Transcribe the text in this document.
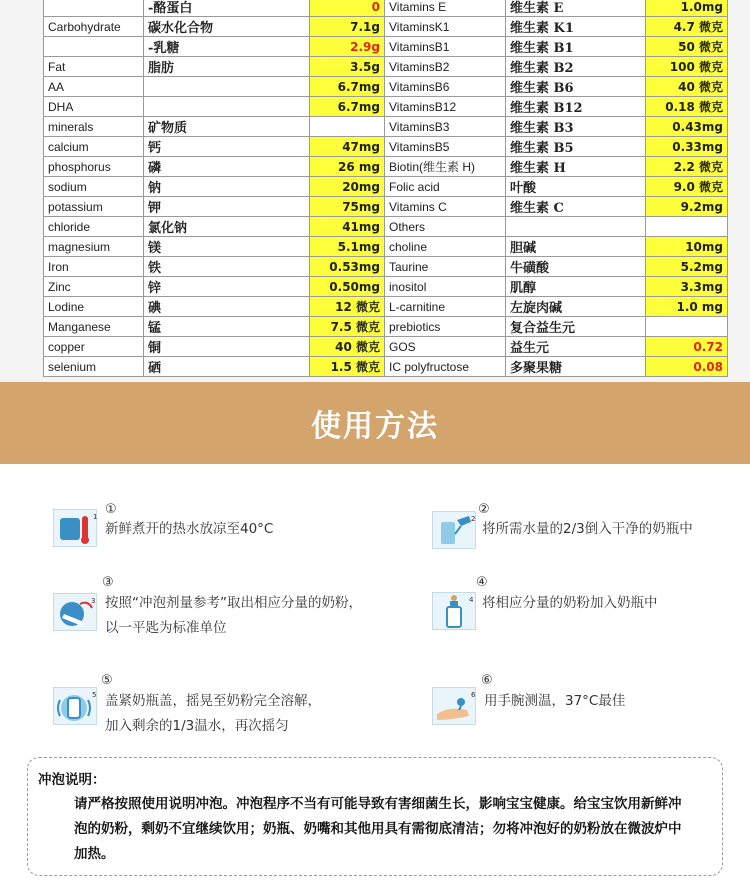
	-酪蛋白	0	Vitamins E	维生素 E	1.0mg
Carbohydrate	碳水化合物	7.1g	VitaminsK1	维生素 K1	4.7 微克
	-乳糖	2.9g	VitaminsB1	维生素 B1	50 微克
Fat	脂肪	3.5g	VitaminsB2	维生素 B2	100 微克
AA		6.7mg	VitaminsB6	维生素 B6	40 微克
DHA		6.7mg	VitaminsB12	维生素 B12	0.18 微克
minerals	矿物质		VitaminsB3	维生素 B3	0.43mg
calcium	钙	47mg	VitaminsB5	维生素 B5	0.33mg
phosphorus	磷	26 mg	Biotin(维生素 H)	维生素 H	2.2 微克
sodium	钠	20mg	Folic acid	叶酸	9.0 微克
potassium	钾	75mg	Vitamins C	维生素 C	9.2mg
chloride	氯化钠	41mg	Others		
magnesium	镁	5.1mg	choline	胆碱	10mg
Iron	铁	0.53mg	Taurine	牛磺酸	5.2mg
Zinc	锌	0.50mg	inositol	肌醇	3.3mg
Lodine	碘	12 微克	L-carnitine	左旋肉碱	1.0 mg
Manganese	锰	7.5 微克	prebiotics	复合益生元	
copper	铜	40 微克	GOS	益生元	0.72
selenium	硒	1.5 微克	IC polyfructose	多聚果糖	0.08
使用方法
1 ①
新鲜煮开的热水放凉至40°C
2
②
将所需水量的2/3倒入干净的奶瓶中
3
③
按照“冲泡剂量参考”取出相应分量的奶粉，
以一平匙为标准单位
4
④
将相应分量的奶粉加入奶瓶中
5
⑤
盖紧奶瓶盖，摇晃至奶粉完全溶解，
加入剩余的1/3温水，再次摇匀
6
⑥
用手腕测温，37°C最佳
冲泡说明：
请严格按照使用说明冲泡。冲泡程序不当有可能导致有害细菌生长，影响宝宝健康。给宝宝饮用新鲜冲
泡的奶粉，剩奶不宜继续饮用；奶瓶、奶嘴和其他用具有需彻底清洁；勿将冲泡好的奶粉放在微波炉中
加热。
